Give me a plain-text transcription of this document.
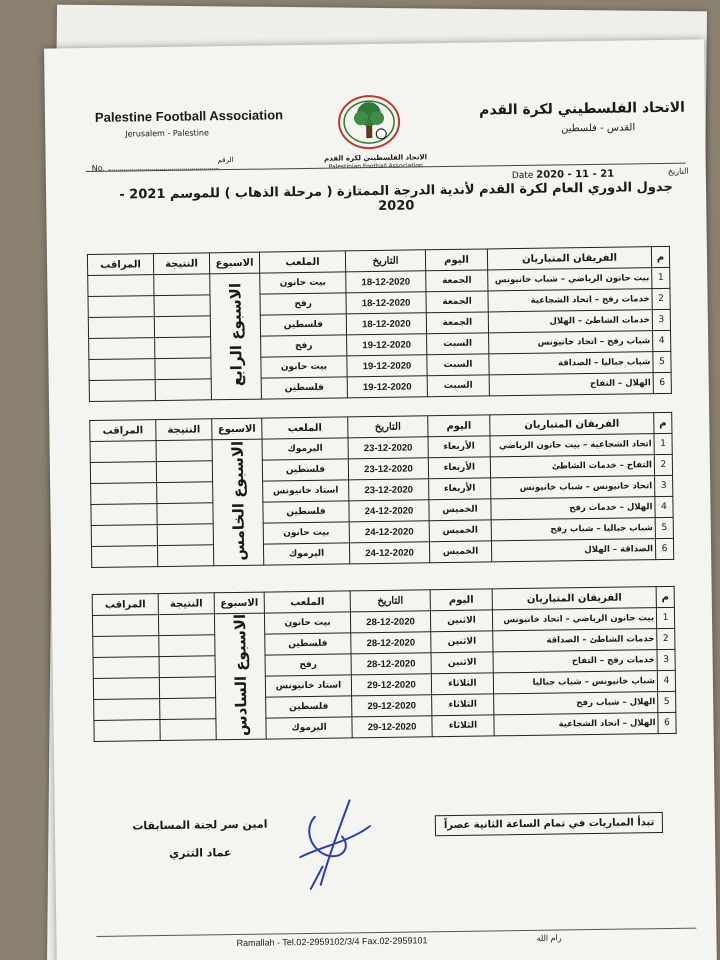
Palestine Football Association
Jerusalem - Palestine
الاتحاد الفلسطيني لكرة القدم
القدس - فلسطين
الاتحاد الفلسطيني لكرة القدم
Palestinian Football Association
No.
الرقم
Date 2020 - 11 - 21	التاريخ
جدول الدوري العام لكرة القدم لأندية الدرجة الممتازة ( مرحلة الذهاب ) للموسم 2021 - 2020
م	الفريقان المتباريان	اليوم	التاريخ	الملعب	الاسبوع	النتيجة	المراقب
1	بيت حانون الرياضي – شباب خانيونس	الجمعة	18-12-2020	بيت حانون	الاسبوع الرابع		
2	خدمات رفح – اتحاد الشجاعية	الجمعة	18-12-2020	رفح			
3	خدمات الشاطئ – الهلال	الجمعة	18-12-2020	فلسطين			
4	شباب رفح – اتحاد خانيونس	السبت	19-12-2020	رفح			
5	شباب جباليا – الصداقة	السبت	19-12-2020	بيت حانون			
6	الهلال – التفاح	السبت	19-12-2020	فلسطين			
م	الفريقان المتباريان	اليوم	التاريخ	الملعب	الاسبوع	النتيجة	المراقب
1	اتحاد الشجاعية – بيت حانون الرياضي	الأربعاء	23-12-2020	اليرموك	الاسبوع الخامس		
2	التفاح – خدمات الشاطئ	الأربعاء	23-12-2020	فلسطين			
3	اتحاد خانيونس – شباب خانيونس	الأربعاء	23-12-2020	استاد خانيونس			
4	الهلال – خدمات رفح	الخميس	24-12-2020	فلسطين			
5	شباب جباليا – شباب رفح	الخميس	24-12-2020	بيت حانون			
6	الصداقة – الهلال	الخميس	24-12-2020	اليرموك			
م	الفريقان المتباريان	اليوم	التاريخ	الملعب	الاسبوع	النتيجة	المراقب
1	بيت حانون الرياضي – اتحاد خانيونس	الاثنين	28-12-2020	بيت حانون	الاسبوع السادس		
2	خدمات الشاطئ – الصداقة	الاثنين	28-12-2020	فلسطين			
3	خدمات رفح – التفاح	الاثنين	28-12-2020	رفح			
4	شباب خانيونس – شباب جباليا	الثلاثاء	29-12-2020	استاد خانيونس			
5	الهلال – شباب رفح	الثلاثاء	29-12-2020	فلسطين			
6	الهلال – اتحاد الشجاعية	الثلاثاء	29-12-2020	اليرموك			
تبدأ المباريات في تمام الساعة الثانية عصراً
امين سر لجنة المسابقات
عماد التتري
Ramallah - Tel.02-2959102/3/4 Fax.02-2959101	رام الله
